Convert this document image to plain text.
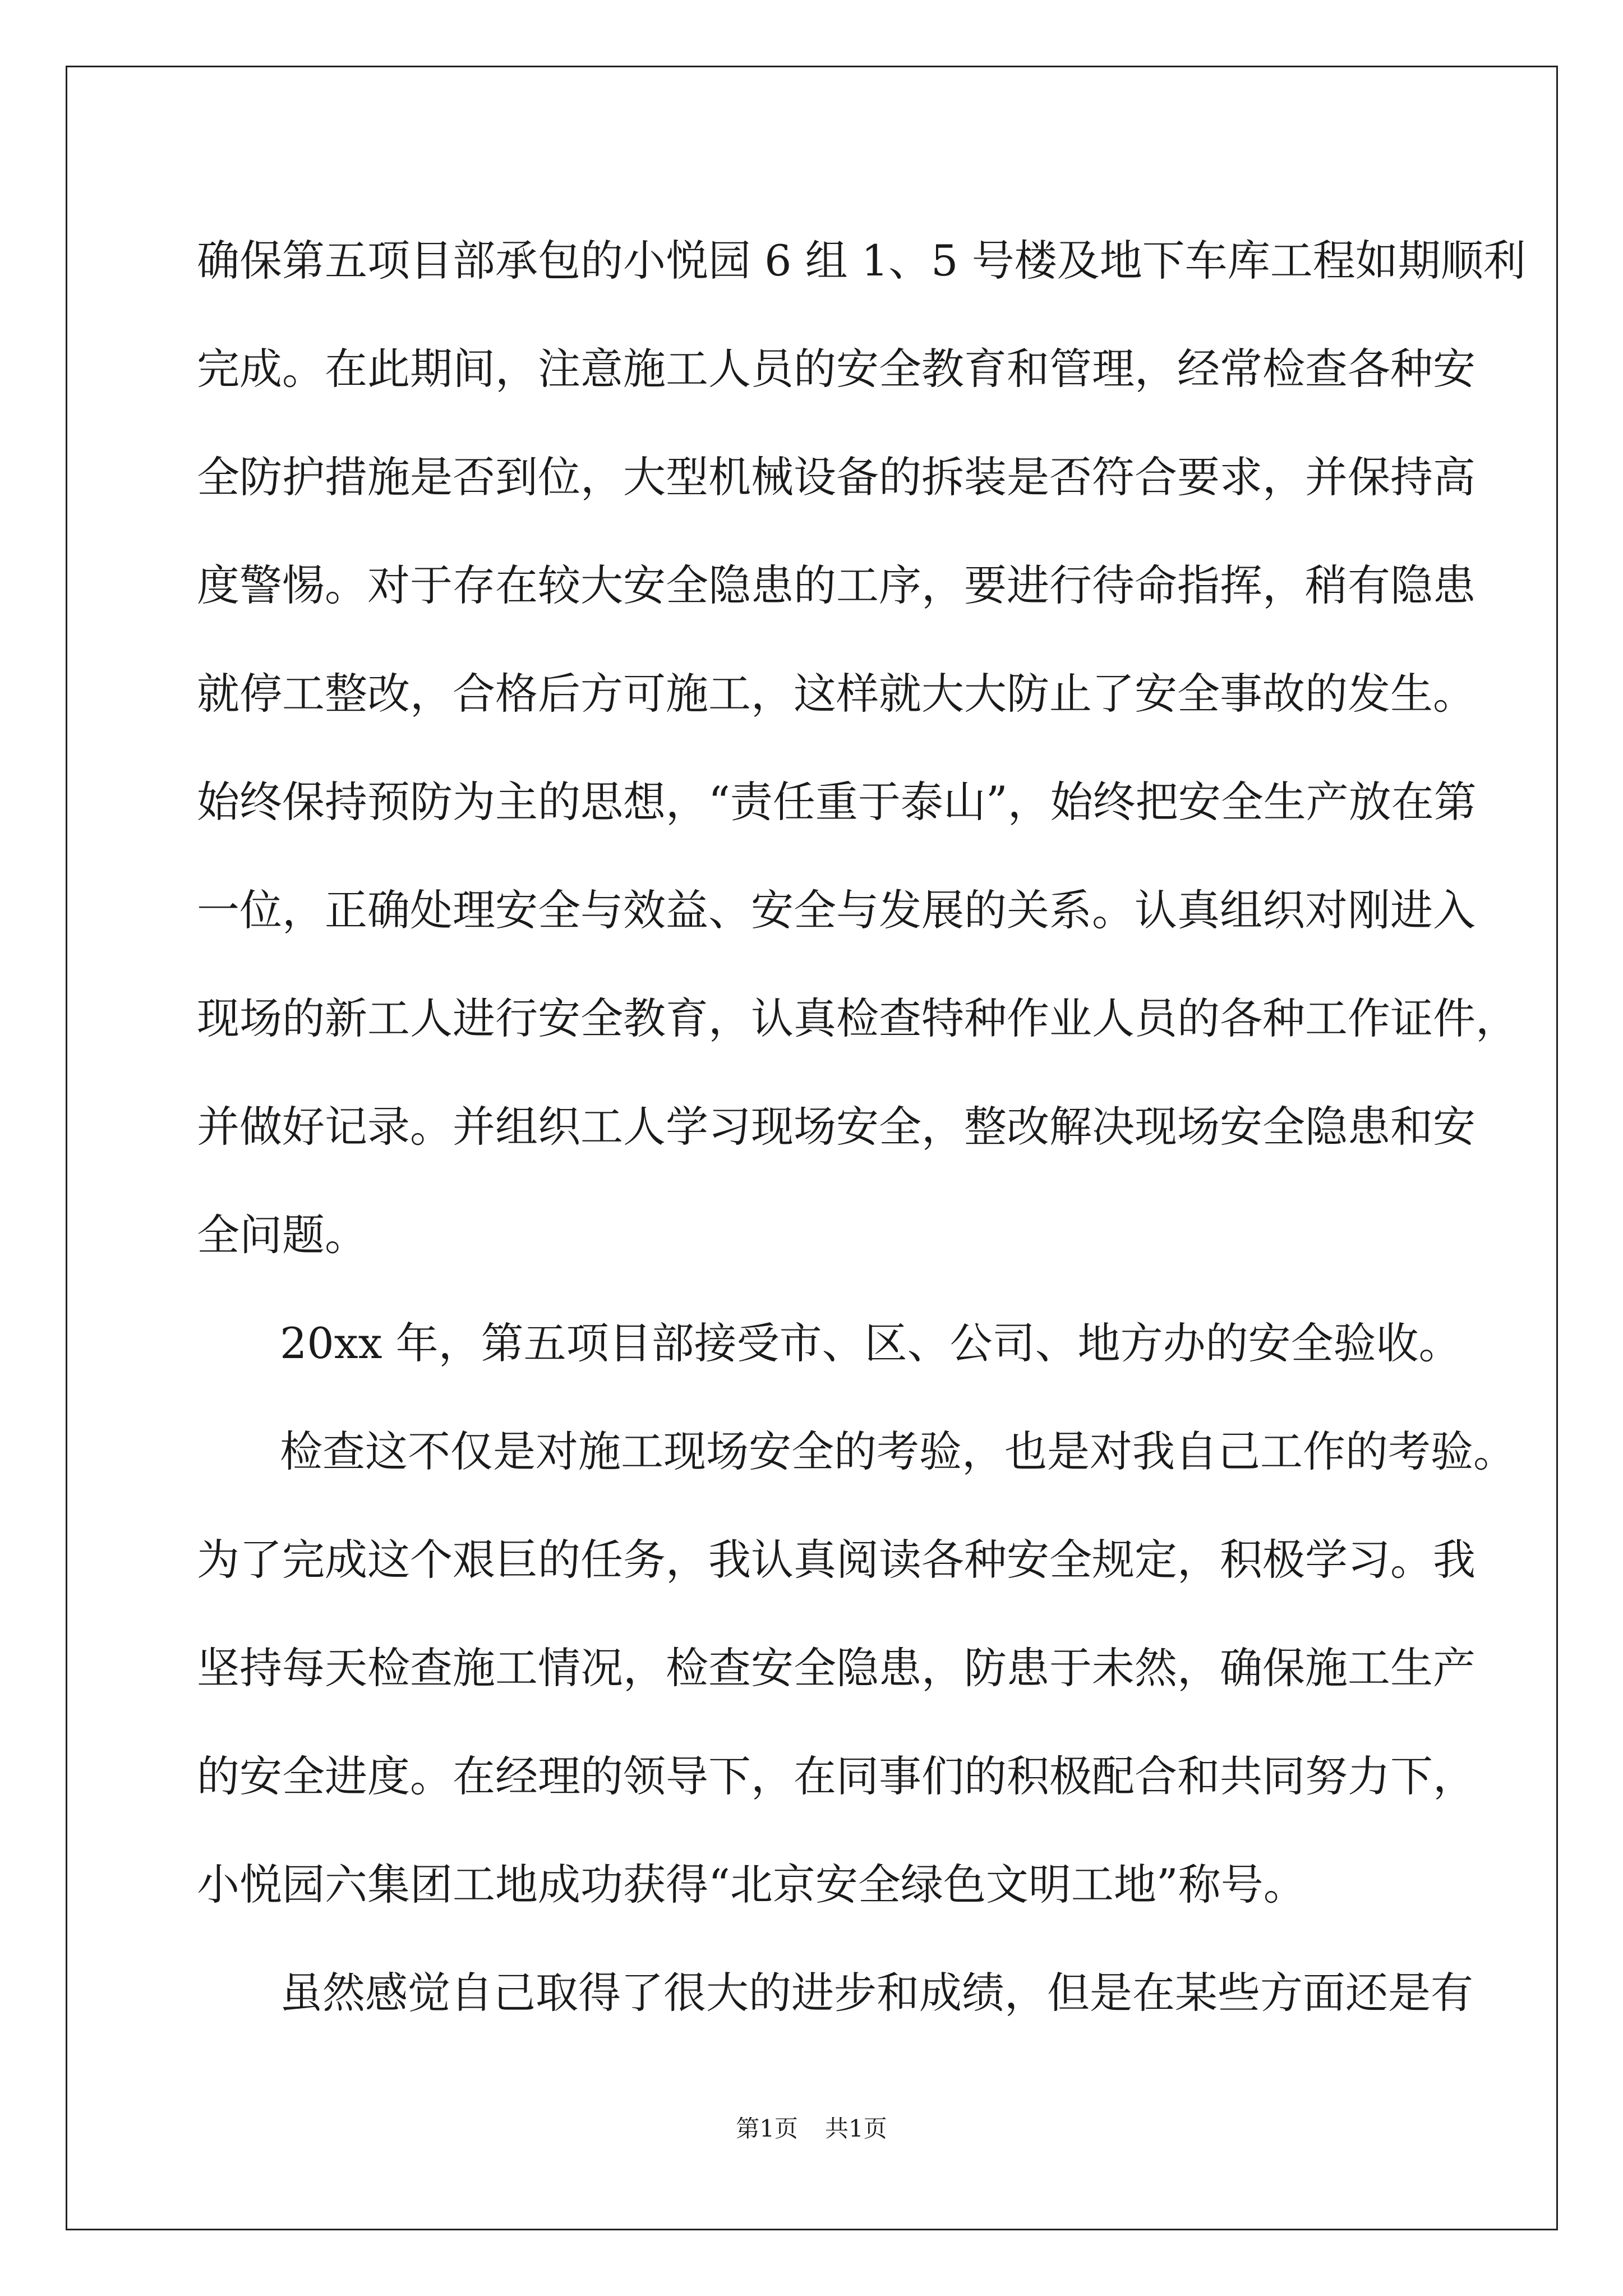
确保第五项目部承包的小悦园 6 组 1、5 号楼及地下车库工程如期顺利
完成。在此期间，注意施工人员的安全教育和管理，经常检查各种安
全防护措施是否到位，大型机械设备的拆装是否符合要求，并保持高
度警惕。对于存在较大安全隐患的工序，要进行待命指挥，稍有隐患
就停工整改，合格后方可施工，这样就大大防止了安全事故的发生。
始终保持预防为主的思想，“责任重于泰山”，始终把安全生产放在第
一位，正确处理安全与效益、安全与发展的关系。认真组织对刚进入
现场的新工人进行安全教育，认真检查特种作业人员的各种工作证件，
并做好记录。并组织工人学习现场安全，整改解决现场安全隐患和安
全问题。
20xx 年，第五项目部接受市、区、公司、地方办的安全验收。
检查这不仅是对施工现场安全的考验，也是对我自己工作的考验。
为了完成这个艰巨的任务，我认真阅读各种安全规定，积极学习。我
坚持每天检查施工情况，检查安全隐患，防患于未然，确保施工生产
的安全进度。在经理的领导下，在同事们的积极配合和共同努力下，
小悦园六集团工地成功获得“北京安全绿色文明工地”称号。
虽然感觉自己取得了很大的进步和成绩，但是在某些方面还是有
第1页 共1页
